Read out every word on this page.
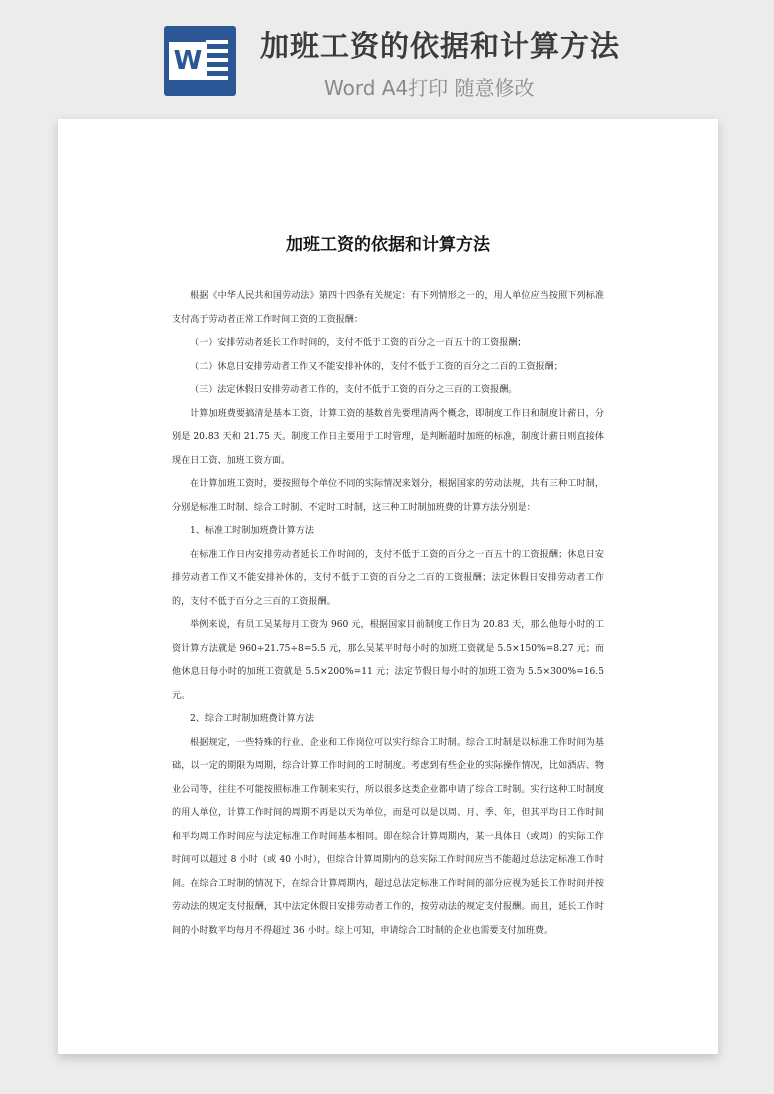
W 加班工资的依据和计算方法
Word A4打印 随意修改
加班工资的依据和计算方法

根据《中华人民共和国劳动法》第四十四条有关规定：有下列情形之一的，用人单位应当按照下列标准支付高于劳动者正常工作时间工资的工资报酬：

（一）安排劳动者延长工作时间的，支付不低于工资的百分之一百五十的工资报酬；

（二）休息日安排劳动者工作又不能安排补休的，支付不低于工资的百分之二百的工资报酬；

（三）法定休假日安排劳动者工作的，支付不低于工资的百分之三百的工资报酬。

计算加班费要搞清是基本工资，计算工资的基数首先要理清两个概念，即制度工作日和制度计薪日，分别是 20.83 天和 21.75 天。制度工作日主要用于工时管理，是判断超时加班的标准，制度计薪日则直接体现在日工资、加班工资方面。

在计算加班工资时，要按照每个单位不同的实际情况来划分，根据国家的劳动法规，共有三种工时制，分别是标准工时制、综合工时制、不定时工时制，这三种工时制加班费的计算方法分别是：

1、标准工时制加班费计算方法

在标准工作日内安排劳动者延长工作时间的，支付不低于工资的百分之一百五十的工资报酬；休息日安排劳动者工作又不能安排补休的，支付不低于工资的百分之二百的工资报酬；法定休假日安排劳动者工作的，支付不低于百分之三百的工资报酬。

举例来说，有员工吴某每月工资为 960 元，根据国家目前制度工作日为 20.83 天，那么他每小时的工资计算方法就是 960÷21.75÷8=5.5 元，那么吴某平时每小时的加班工资就是 5.5×150%=8.27 元；而他休息日每小时的加班工资就是 5.5×200%=11 元；法定节假日每小时的加班工资为 5.5×300%=16.5 元。

2、综合工时制加班费计算方法

根据规定，一些特殊的行业、企业和工作岗位可以实行综合工时制。综合工时制是以标准工作时间为基础，以一定的期限为周期，综合计算工作时间的工时制度。考虑到有些企业的实际操作情况，比如酒店、物业公司等，往往不可能按照标准工作制来实行，所以很多这类企业都申请了综合工时制。实行这种工时制度的用人单位，计算工作时间的周期不再是以天为单位，而是可以是以周、月、季、年，但其平均日工作时间和平均周工作时间应与法定标准工作时间基本相同。即在综合计算周期内，某一具体日（或周）的实际工作时间可以超过 8 小时（或 40 小时），但综合计算周期内的总实际工作时间应当不能超过总法定标准工作时间。在综合工时制的情况下，在综合计算周期内，超过总法定标准工作时间的部分应视为延长工作时间并按劳动法的规定支付报酬，其中法定休假日安排劳动者工作的，按劳动法的规定支付报酬。而且，延长工作时间的小时数平均每月不得超过 36 小时。综上可知，申请综合工时制的企业也需要支付加班费。
